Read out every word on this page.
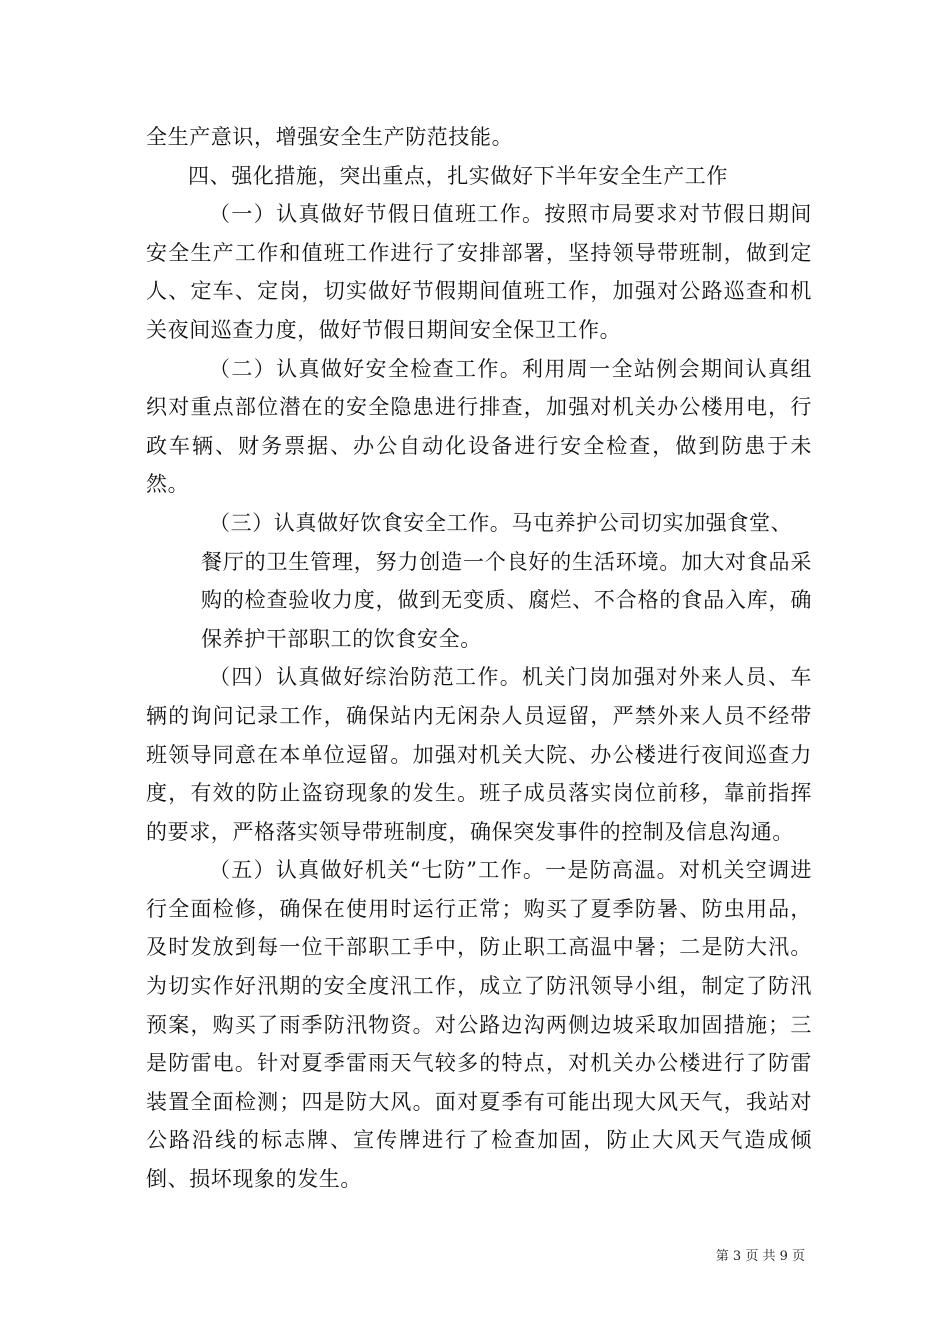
全生产意识，增强安全生产防范技能。

四、强化措施，突出重点，扎实做好下半年安全生产工作

（一）认真做好节假日值班工作。按照市局要求对节假日期间安全生产工作和值班工作进行了安排部署，坚持领导带班制，做到定人、定车、定岗，切实做好节假期间值班工作，加强对公路巡查和机关夜间巡查力度，做好节假日期间安全保卫工作。

（二）认真做好安全检查工作。利用周一全站例会期间认真组织对重点部位潜在的安全隐患进行排查，加强对机关办公楼用电，行政车辆、财务票据、办公自动化设备进行安全检查，做到防患于未然。

（三）认真做好饮食安全工作。马屯养护公司切实加强食堂、

餐厅的卫生管理，努力创造一个良好的生活环境。加大对食品采购的检查验收力度，做到无变质、腐烂、不合格的食品入库，确保养护干部职工的饮食安全。

（四）认真做好综治防范工作。机关门岗加强对外来人员、车辆的询问记录工作，确保站内无闲杂人员逗留，严禁外来人员不经带班领导同意在本单位逗留。加强对机关大院、办公楼进行夜间巡查力度，有效的防止盗窃现象的发生。班子成员落实岗位前移，靠前指挥的要求，严格落实领导带班制度，确保突发事件的控制及信息沟通。

（五）认真做好机关“七防”工作。一是防高温。对机关空调进行全面检修，确保在使用时运行正常；购买了夏季防暑、防虫用品，及时发放到每一位干部职工手中，防止职工高温中暑；二是防大汛。为切实作好汛期的安全度汛工作，成立了防汛领导小组，制定了防汛预案，购买了雨季防汛物资。对公路边沟两侧边坡采取加固措施；三是防雷电。针对夏季雷雨天气较多的特点，对机关办公楼进行了防雷装置全面检测；四是防大风。面对夏季有可能出现大风天气，我站对公路沿线的标志牌、宣传牌进行了检查加固，防止大风天气造成倾倒、损坏现象的发生。

第 3 页 共 9 页
